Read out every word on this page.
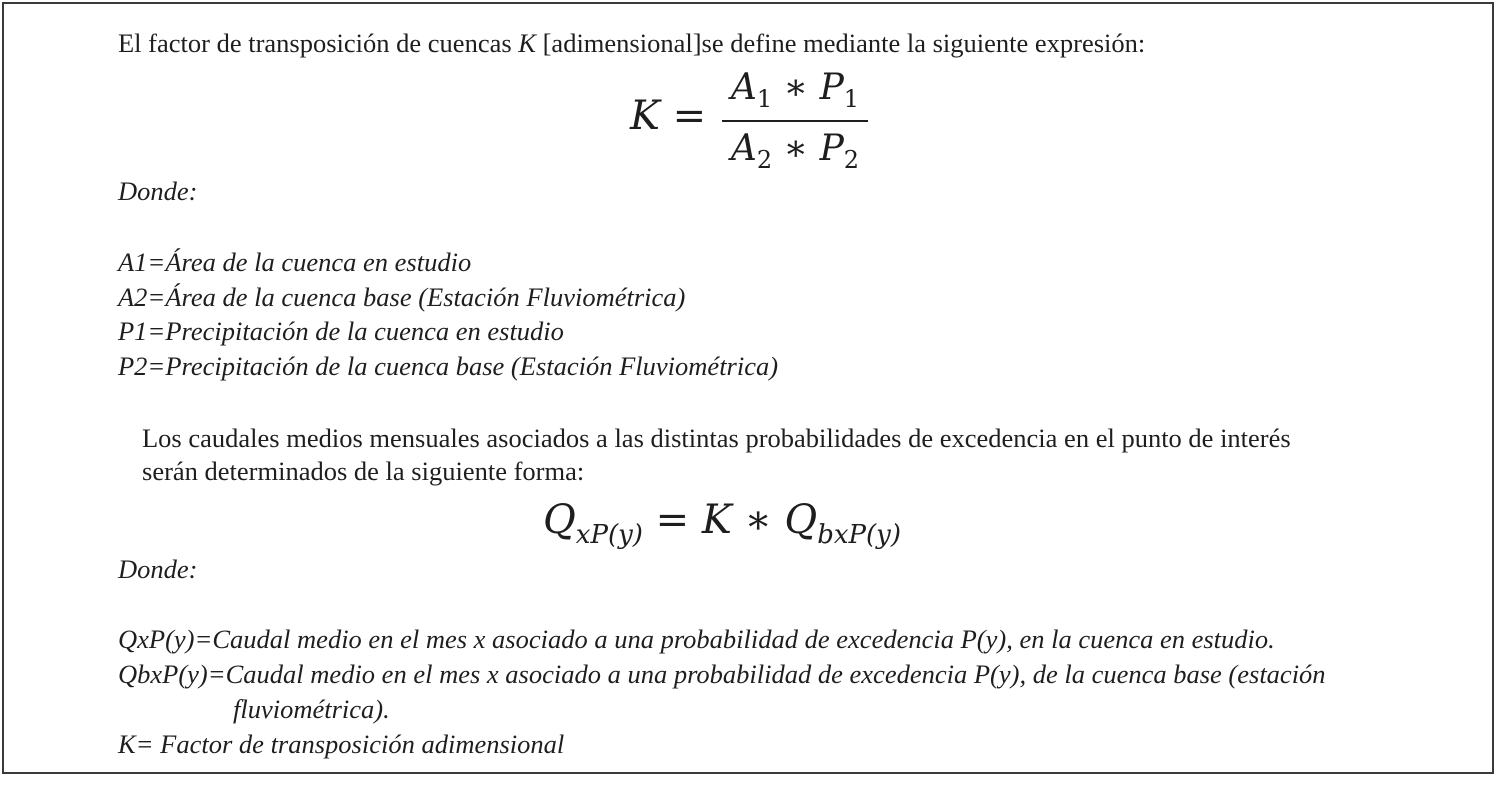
El factor de transposición de cuencas K [adimensional]se define mediante la siguiente expresión:
K =
$A_1$ ∗ $P_1$
$A_2$ ∗ $P_2$
Donde:
A1=Área de la cuenca en estudio
A2=Área de la cuenca base (Estación Fluviométrica)
P1=Precipitación de la cuenca en estudio
P2=Precipitación de la cuenca base (Estación Fluviométrica)
Los caudales medios mensuales asociados a las distintas probabilidades de excedencia en el punto de interés
serán determinados de la siguiente forma:
$Q_{xP(y)} = K$ ∗ $Q_{bxP(y)}$
Donde:
QxP(y)=Caudal medio en el mes x asociado a una probabilidad de excedencia P(y), en la cuenca en estudio.
QbxP(y)=Caudal medio en el mes x asociado a una probabilidad de excedencia P(y), de la cuenca base (estación
fluviométrica).
K= Factor de transposición adimensional
